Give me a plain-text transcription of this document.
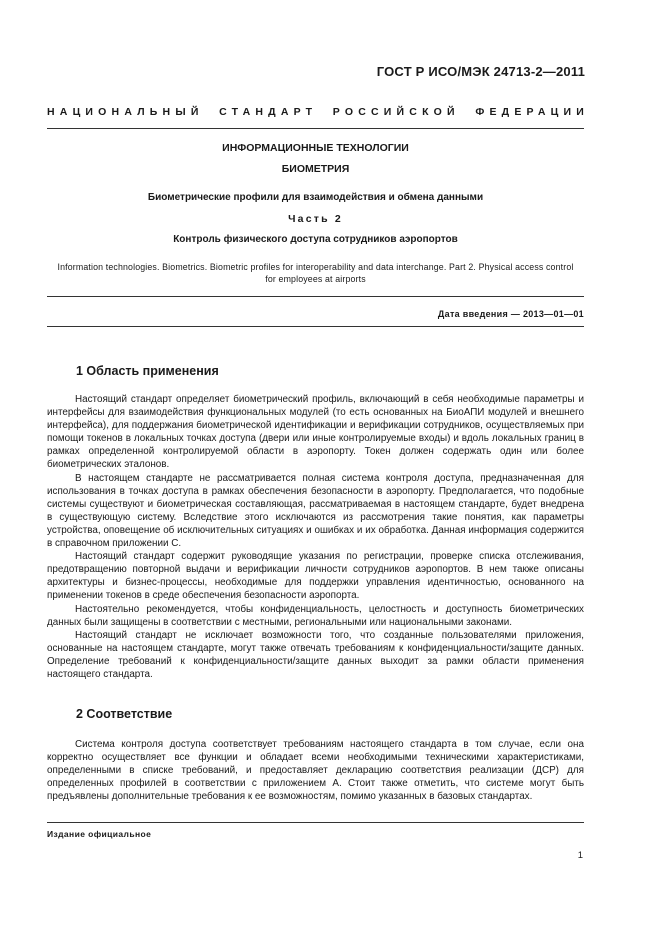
ГОСТ Р ИСО/МЭК 24713-2—2011
НАЦИОНАЛЬНЫЙ СТАНДАРТ РОССИЙСКОЙ ФЕДЕРАЦИИ
ИНФОРМАЦИОННЫЕ ТЕХНОЛОГИИ
БИОМЕТРИЯ
Биометрические профили для взаимодействия и обмена данными
Часть 2
Контроль физического доступа сотрудников аэропортов
Information technologies. Biometrics. Biometric profiles for interoperability and data interchange. Part 2. Physical access control for employees at airports
Дата введения — 2013—01—01
1 Область применения

Настоящий стандарт определяет биометрический профиль, включающий в себя необходимые параметры и интерфейсы для взаимодействия функциональных модулей (то есть основанных на БиоАПИ модулей и внешнего интерфейса), для поддержания биометрической идентификации и верификации сотрудников, осуществляемых при помощи токенов в локальных точках доступа (двери или иные контролируемые входы) и вдоль локальных границ в рамках определенной контролируемой области в аэропорту. Токен должен содержать один или более биометрических эталонов.

В настоящем стандарте не рассматривается полная система контроля доступа, предназначенная для использования в точках доступа в рамках обеспечения безопасности в аэропорту. Предполагается, что подобные системы существуют и биометрическая составляющая, рассматриваемая в настоящем стандарте, будет внедрена в существующую систему. Вследствие этого исключаются из рассмотрения такие понятия, как параметры устройства, оповещение об исключительных ситуациях и ошибках и их обработка. Данная информация содержится в справочном приложении С.

Настоящий стандарт содержит руководящие указания по регистрации, проверке списка отслеживания, предотвращению повторной выдачи и верификации личности сотрудников аэропортов. В нем также описаны архитектуры и бизнес-процессы, необходимые для поддержки управления идентичностью, основанного на применении токенов в среде обеспечения безопасности аэропорта.

Настоятельно рекомендуется, чтобы конфиденциальность, целостность и доступность биометрических данных были защищены в соответствии с местными, региональными или национальными законами.

Настоящий стандарт не исключает возможности того, что созданные пользователями приложения, основанные на настоящем стандарте, могут также отвечать требованиям к конфиденциальности/защите данных. Определение требований к конфиденциальности/защите данных выходит за рамки области применения настоящего стандарта.

2 Соответствие

Система контроля доступа соответствует требованиям настоящего стандарта в том случае, если она корректно осуществляет все функции и обладает всеми необходимыми техническими характеристиками, определенными в списке требований, и предоставляет декларацию соответствия реализации (ДСР) для определенных профилей в соответствии с приложением А. Стоит также отметить, что системе могут быть предъявлены дополнительные требования к ее возможностям, помимо указанных в базовых стандартах.

Издание официальное
1
